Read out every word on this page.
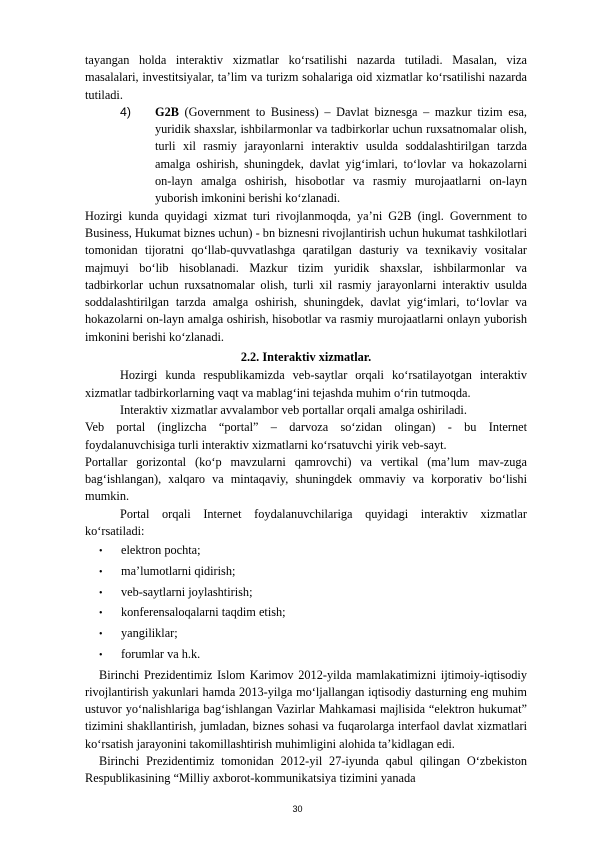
tayangan holda interaktiv xizmatlar ko‘rsatilishi nazarda tutiladi. Masalan, viza masalalari, investitsiyalar, ta’lim va turizm sohalariga oid xizmatlar ko‘rsatilishi nazarda tutiladi.

4)	G2B (Government to Business) – Davlat biznesga – mazkur tizim esa, yuridik shaxslar, ishbilarmonlar va tadbirkorlar uchun ruxsatnomalar olish, turli xil rasmiy jarayonlarni interaktiv usulda soddalashtirilgan tarzda amalga oshirish, shuningdek, davlat yig‘imlari, to‘lovlar va hokazolarni on-layn amalga oshirish, hisobotlar va rasmiy murojaatlarni on-layn yuborish imkonini berishi ko‘zlanadi.

Hozirgi kunda quyidagi xizmat turi rivojlanmoqda, ya’ni G2B (ingl. Government to Business, Hukumat biznes uchun) - bn biznesni rivojlantirish uchun hukumat tashkilotlari tomonidan tijoratni qo‘llab-quvvatlashga qaratilgan dasturiy va texnikaviy vositalar majmuyi bo‘lib hisoblanadi. Mazkur tizim yuridik shaxslar, ishbilarmonlar va tadbirkorlar uchun ruxsatnomalar olish, turli xil rasmiy jarayonlarni interaktiv usulda soddalashtirilgan tarzda amalga oshirish, shuningdek, davlat yig‘imlari, to‘lovlar va hokazolarni on-layn amalga oshirish, hisobotlar va rasmiy murojaatlarni onlayn yuborish imkonini berishi ko‘zlanadi.

2.2. Interaktiv xizmatlar.

Hozirgi kunda respublikamizda veb-saytlar orqali ko‘rsatilayotgan interaktiv xizmatlar tadbirkorlarning vaqt va mablag‘ini tejashda muhim o‘rin tutmoqda.

Interaktiv xizmatlar avvalambor veb portallar orqali amalga oshiriladi.

Veb portal (inglizcha “portal” – darvoza so‘zidan olingan) - bu Internet foydalanuvchisiga turli interaktiv xizmatlarni ko‘rsatuvchi yirik veb-sayt.

Portallar gorizontal (ko‘p mavzularni qamrovchi) va vertikal (ma’lum mav-zuga bag‘ishlangan), xalqaro va mintaqaviy, shuningdek ommaviy va korporativ bo‘lishi mumkin.

Portal orqali Internet foydalanuvchilariga quyidagi interaktiv xizmatlar ko‘rsatiladi:

•	elektron pochta;
•	ma’lumotlarni qidirish;
•	veb-saytlarni joylashtirish;
•	konferensaloqalarni taqdim etish;
•	yangiliklar;
•	forumlar va h.k.

Birinchi Prezidentimiz Islom Karimov 2012-yilda mamlakatimizni ijtimoiy-iqtisodiy rivojlantirish yakunlari hamda 2013-yilga mo‘ljallangan iqtisodiy dasturning eng muhim ustuvor yo‘nalishlariga bag‘ishlangan Vazirlar Mahkamasi majlisida “elektron hukumat” tizimini shakllantirish, jumladan, biznes sohasi va fuqarolarga interfaol davlat xizmatlari ko‘rsatish jarayonini takomillashtirish muhimligini alohida ta’kidlagan edi.

Birinchi Prezidentimiz tomonidan 2012-yil 27-iyunda qabul qilingan O‘zbekiston Respublikasining “Milliy axborot-kommunikatsiya tizimini yanada

30
